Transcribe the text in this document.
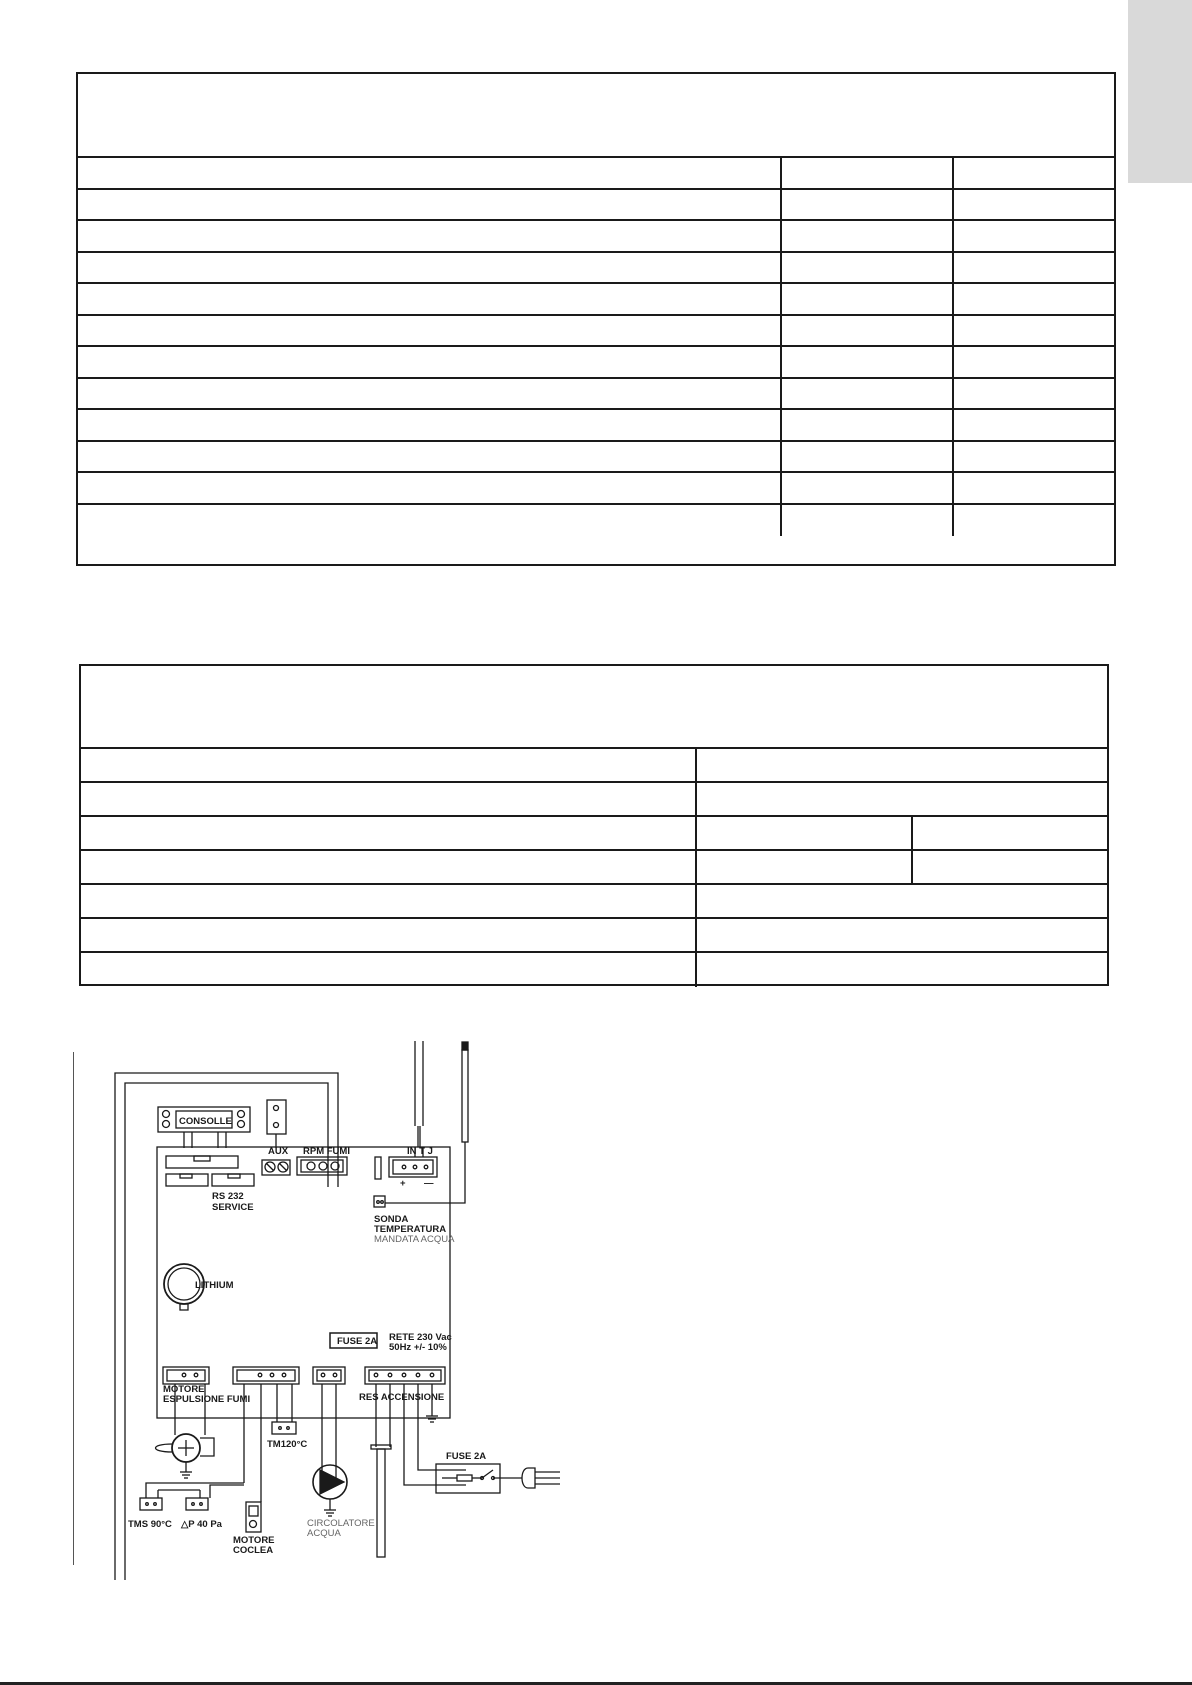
CONSOLLE
RS 232
SERVICE
AUX RPM FUMI	IN T J
+ —
SONDA
TEMPERATURA
MANDATA ACQUA
LITHIUM
FUSE 2A RETE 230 Vac
50Hz +/- 10%
MOTORE
ESPULSIONE FUMI
TM120°C
RES ACCENSIONE
FUSE 2A
TMS 90°C △P 40 Pa
MOTORE
COCLEA
CIRCOLATORE
ACQUA
